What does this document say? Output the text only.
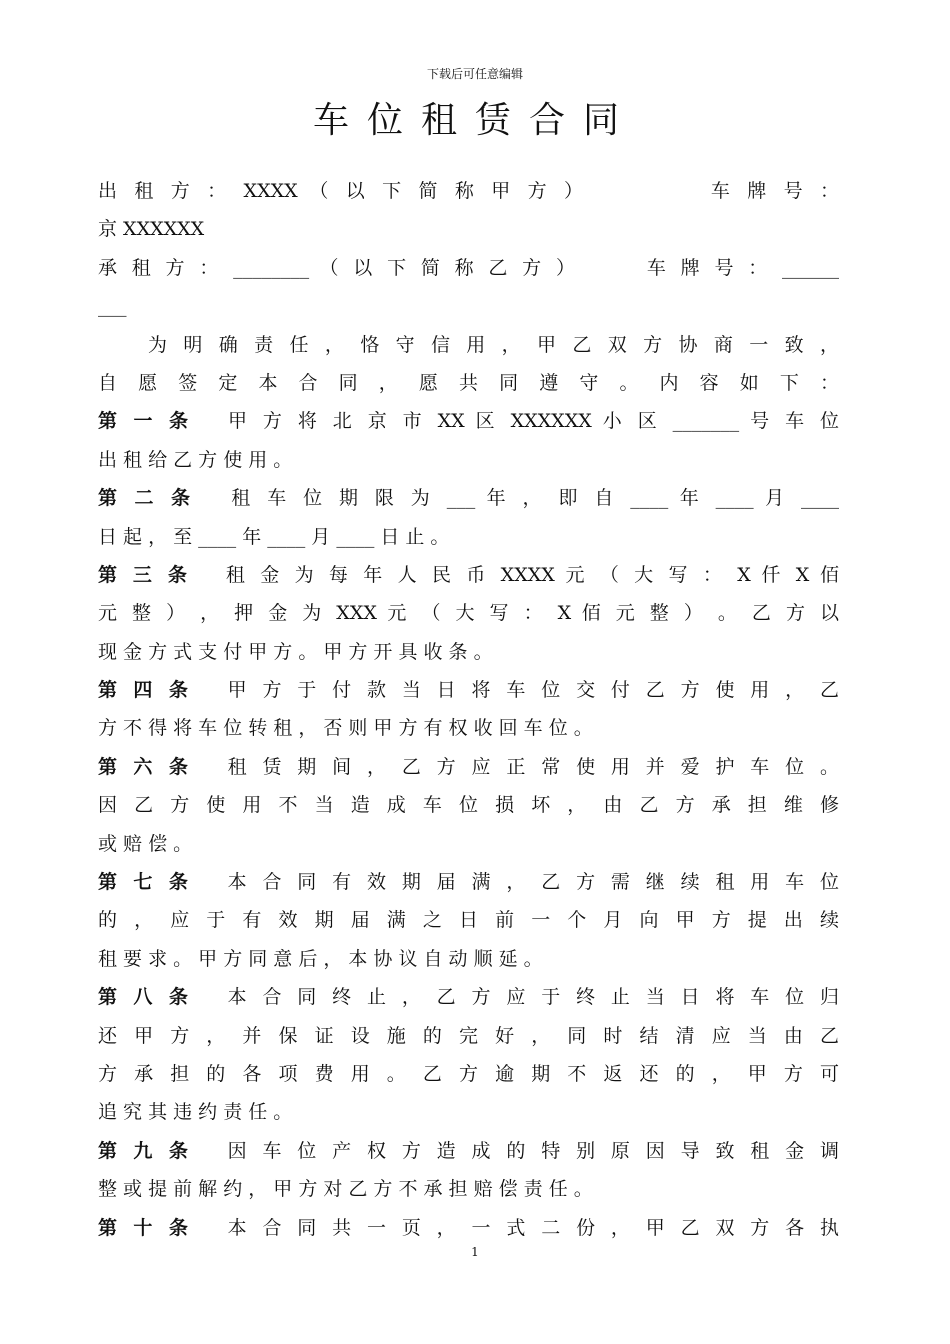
下载后可任意编辑
车位租赁合同
出 租 方 ： XXXX （ 以 下 简 称 甲 方 ） 　　　　 车 牌 号 ：
京 XXXXXX
承 租 方 ： ________ （ 以 下 简 称 乙 方 ） 　　 车 牌 号 ： ______
___
为 明 确 责 任 ， 恪 守 信 用 ， 甲 乙 双 方 协 商 一 致 ，
自 愿 签 定 本 合 同 ， 愿 共 同 遵 守 。 内 容 如 下 ：
第 一 条　 甲 方 将 北 京 市 XX 区 XXXXXX 小 区 _______ 号 车 位
出 租 给 乙 方 使 用 。
第 二 条　 租 车 位 期 限 为 ___ 年 ， 即 自 ____ 年 ____ 月 ____
日 起 ， 至 ____ 年 ____ 月 ____ 日 止 。
第 三 条　 租 金 为 每 年 人 民 币 XXXX 元 （ 大 写 ： X 仟 X 佰
元 整 ） ， 押 金 为 XXX 元 （ 大 写 ： X 佰 元 整 ） 。 乙 方 以
现 金 方 式 支 付 甲 方 。 甲 方 开 具 收 条 。
第 四 条　 甲 方 于 付 款 当 日 将 车 位 交 付 乙 方 使 用 ， 乙
方 不 得 将 车 位 转 租 ， 否 则 甲 方 有 权 收 回 车 位 。
第 六 条　 租 赁 期 间 ， 乙 方 应 正 常 使 用 并 爱 护 车 位 。
因 乙 方 使 用 不 当 造 成 车 位 损 坏 ， 由 乙 方 承 担 维 修
或 赔 偿 。
第 七 条　 本 合 同 有 效 期 届 满 ， 乙 方 需 继 续 租 用 车 位
的 ， 应 于 有 效 期 届 满 之 日 前 一 个 月 向 甲 方 提 出 续
租 要 求 。 甲 方 同 意 后 ， 本 协 议 自 动 顺 延 。
第 八 条　 本 合 同 终 止 ， 乙 方 应 于 终 止 当 日 将 车 位 归
还 甲 方 ， 并 保 证 设 施 的 完 好 ， 同 时 结 清 应 当 由 乙
方 承 担 的 各 项 费 用 。 乙 方 逾 期 不 返 还 的 ， 甲 方 可
追 究 其 违 约 责 任 。
第 九 条　 因 车 位 产 权 方 造 成 的 特 别 原 因 导 致 租 金 调
整 或 提 前 解 约 ， 甲 方 对 乙 方 不 承 担 赔 偿 责 任 。
第 十 条　 本 合 同 共 一 页 ， 一 式 二 份 ， 甲 乙 双 方 各 执
1
